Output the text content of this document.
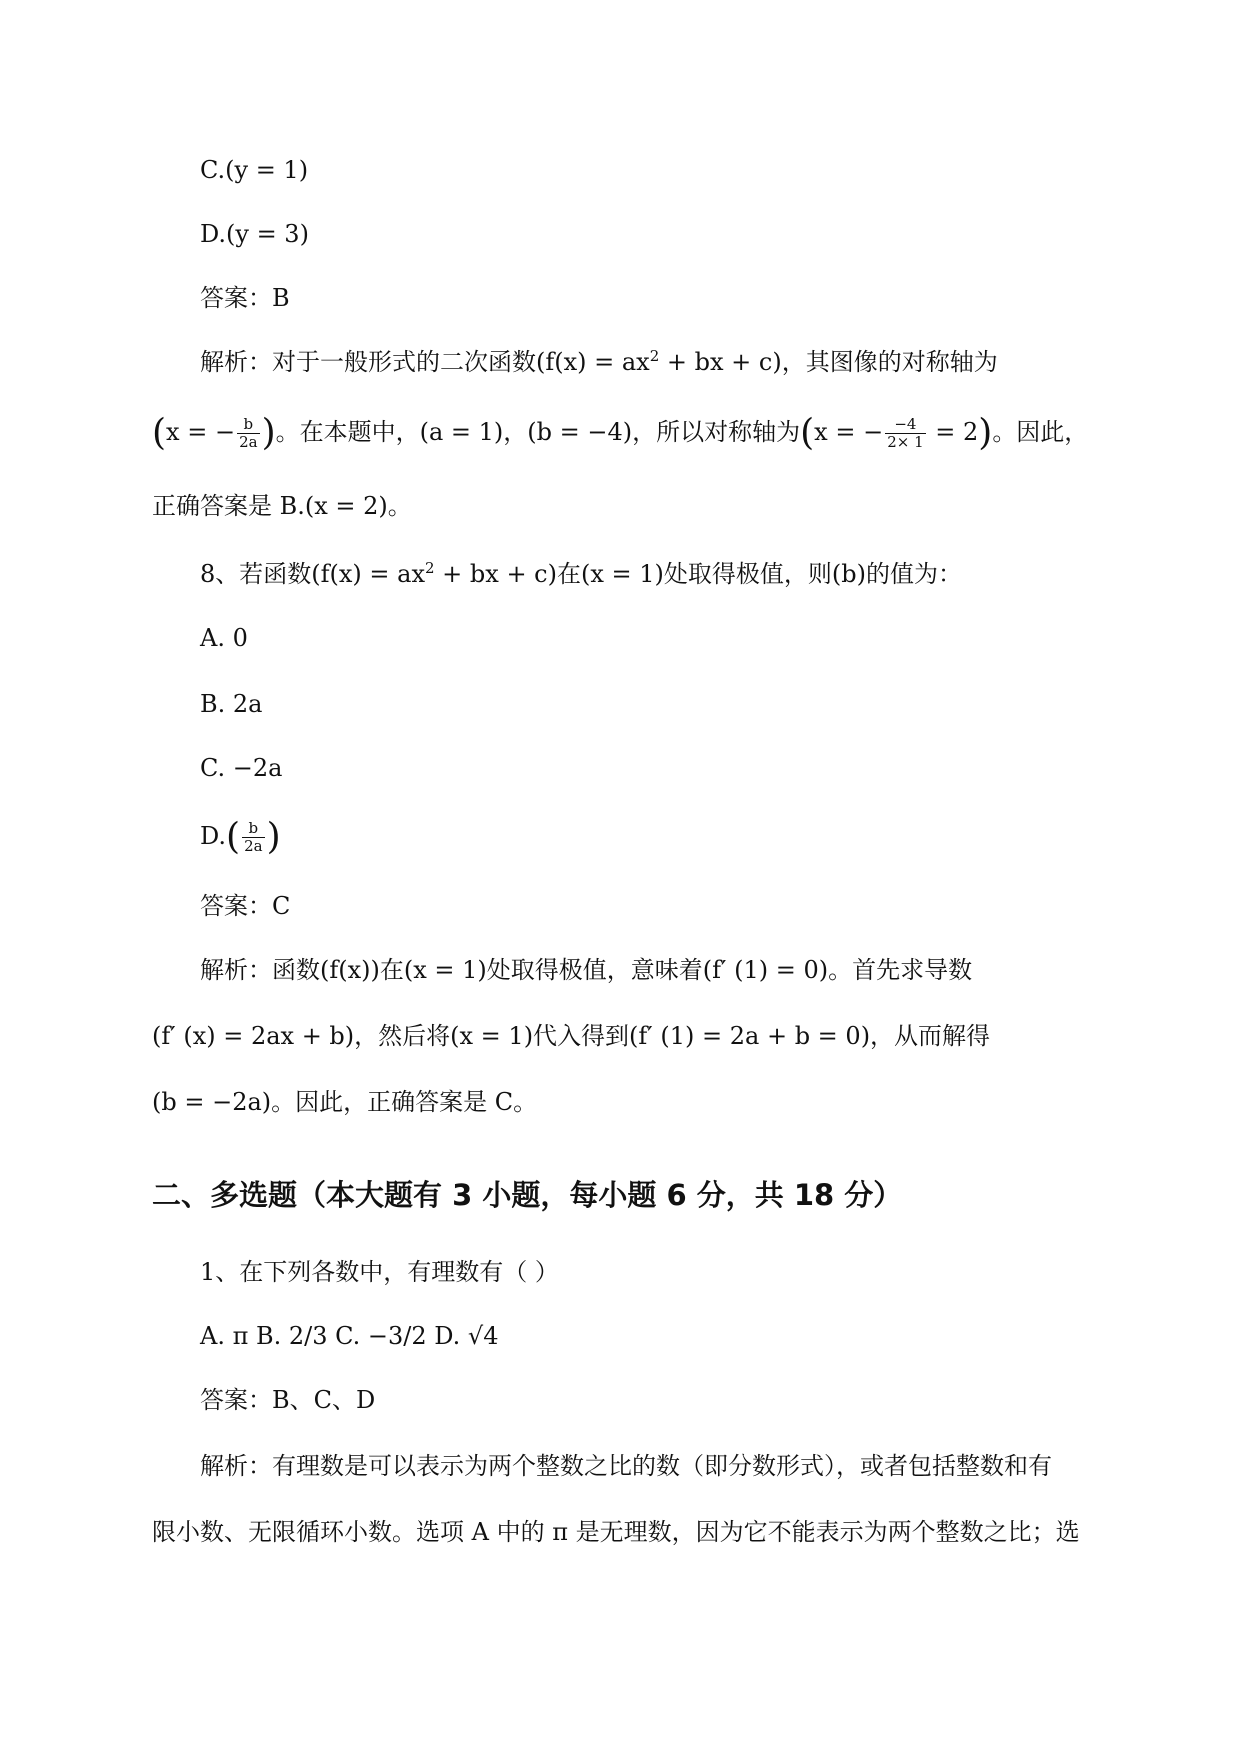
C.(y = 1)
D.(y = 3)
答案：B
解析：对于一般形式的二次函数($f(x) = ax^2$ + bx + c)，其图像的对称轴为
(x = − $\frac{b}{2a}$ )。在本题中，(a = 1)，(b = −4)，所以对称轴为(x = − $\frac{-4}{2\times 1} = 2$)。因此，
正确答案是 B.(x = 2)。
8、若函数($f(x) = ax^2$ + bx + c)在(x = 1)处取得极值，则(b)的值为：
A. 0
B. 2a
C. −2a
$D.( \frac{b}{2a}$ )
答案：C
解析：函数(f(x))在(x = 1)处取得极值，意味着(f′ (1) = 0)。首先求导数
(f′ (x) = 2ax + b)，然后将(x = 1)代入得到(f′ (1) = 2a + b = 0)，从而解得
(b = −2a)。因此，正确答案是 C。
二、多选题（本大题有 3 小题，每小题 6 分，共 18 分）
1、在下列各数中，有理数有（ ）
A. π B. 2/3 C. −3/2 D. √4
答案：B、C、D
解析：有理数是可以表示为两个整数之比的数（即分数形式），或者包括整数和有
限小数、无限循环小数。选项 A 中的 π 是无理数，因为它不能表示为两个整数之比；选
